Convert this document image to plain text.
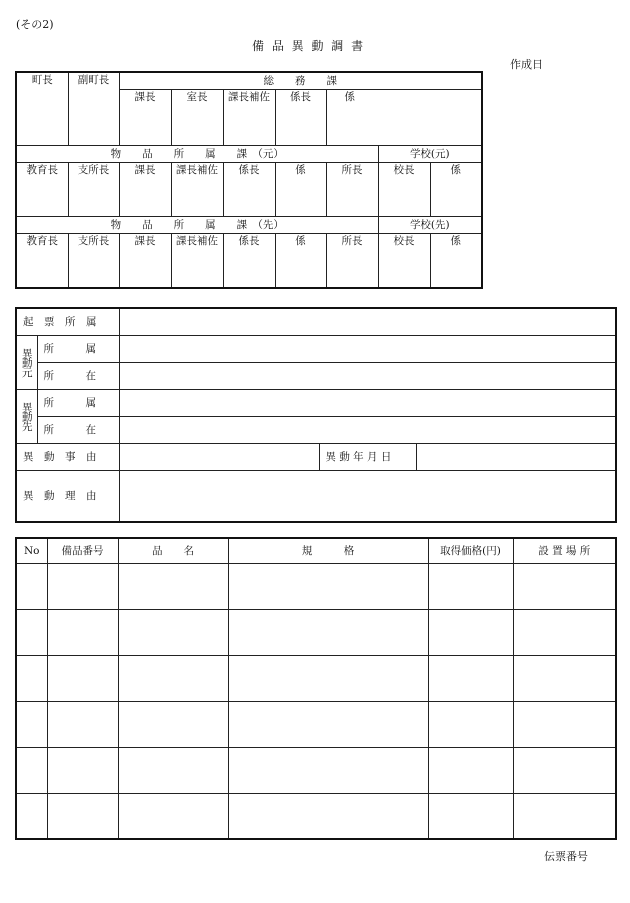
(その2)
備 品 異 動 調 書
作成日
町長	副町長	総　　務　　課						
		課長	室長	課長補佐	係長	係		
物　　品　　所　　属　　課　（元）							学校(元)	
教育長	支所長	課長	課長補佐	係長	係	所長	校長	係
物　　品　　所　　属　　課　（先）							学校(先)	
教育長	支所長	課長	課長補佐	係長	係	所長	校長	係
起　票　所　属				
異動元	所　　　属			
	所　　　在			
異動先	所　　　属			
	所　　　在			
異　動　事　由			異 動 年 月 日	
異　動　理　由				
No	備品番号	品　　名	規　　　格	取得価格(円)	設 置 場 所

伝票番号
